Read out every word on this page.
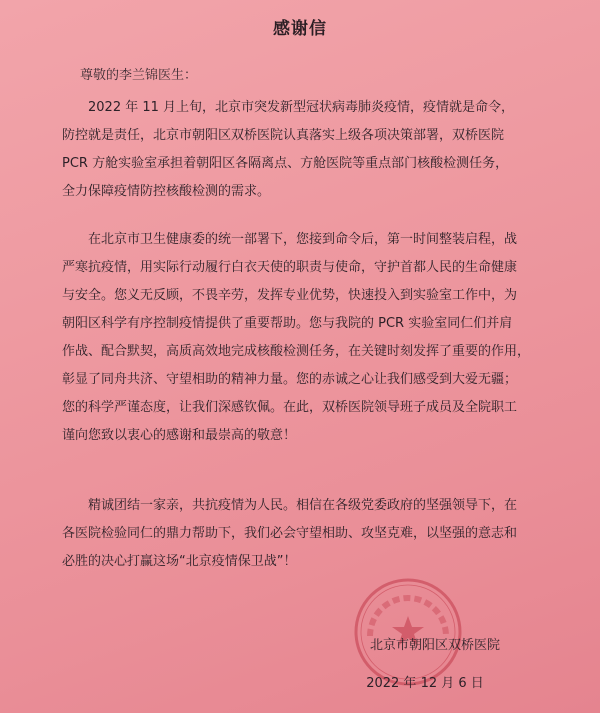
感谢信
尊敬的李兰锦医生：
2022 年 11 月上旬，北京市突发新型冠状病毒肺炎疫情，疫情就是命令，
防控就是责任，北京市朝阳区双桥医院认真落实上级各项决策部署，双桥医院
PCR 方舱实验室承担着朝阳区各隔离点、方舱医院等重点部门核酸检测任务，
全力保障疫情防控核酸检测的需求。
在北京市卫生健康委的统一部署下，您接到命令后，第一时间整装启程，战
严寒抗疫情，用实际行动履行白衣天使的职责与使命，守护首都人民的生命健康
与安全。您义无反顾，不畏辛劳，发挥专业优势，快速投入到实验室工作中，为
朝阳区科学有序控制疫情提供了重要帮助。您与我院的 PCR 实验室同仁们并肩
作战、配合默契，高质高效地完成核酸检测任务，在关键时刻发挥了重要的作用，
彰显了同舟共济、守望相助的精神力量。您的赤诚之心让我们感受到大爱无疆；
您的科学严谨态度，让我们深感钦佩。在此，双桥医院领导班子成员及全院职工
谨向您致以衷心的感谢和最崇高的敬意！
精诚团结一家亲，共抗疫情为人民。相信在各级党委政府的坚强领导下，在
各医院检验同仁的鼎力帮助下，我们必会守望相助、攻坚克难，以坚强的意志和
必胜的决心打赢这场“北京疫情保卫战”！
北京市朝阳区双桥医院
2022 年 12 月 6 日
